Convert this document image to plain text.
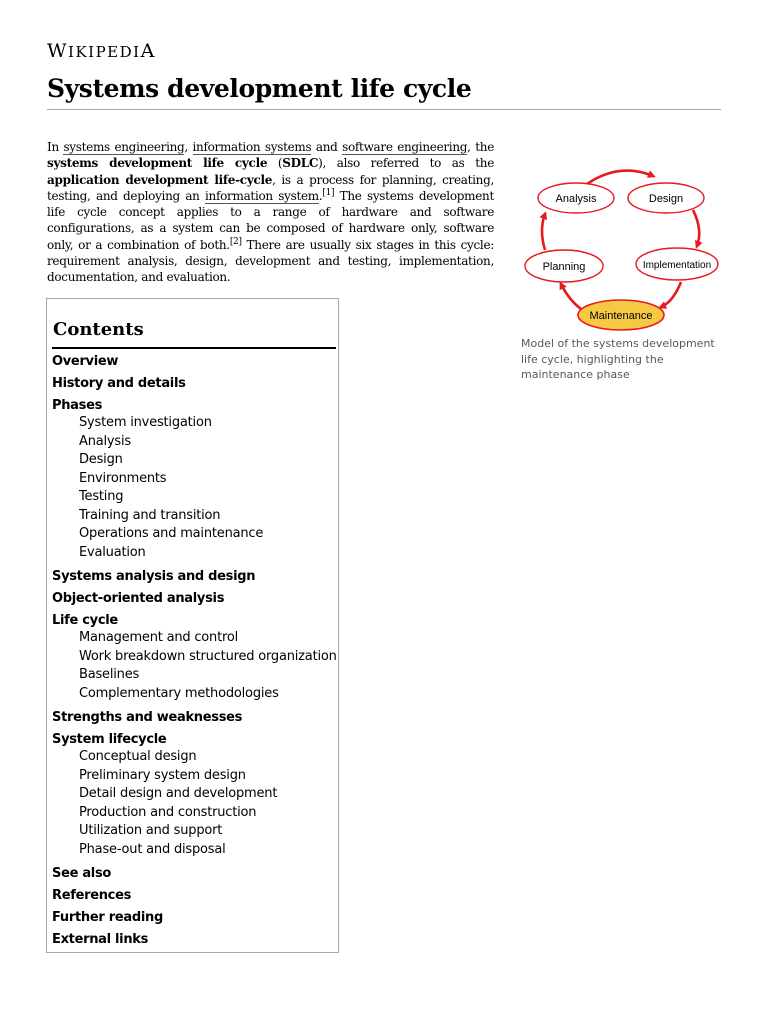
WIKIPEDIA
Systems development life cycle

In systems engineering, information systems and software engineering, the systems development life cycle (SDLC), also referred to as the application development life-cycle, is a process for planning, creating, testing, and deploying an information system.[1] The systems development life cycle concept applies to a range of hardware and software configurations, as a system can be composed of hardware only, software only, or a combination of both.[2] There are usually six stages in this cycle: requirement analysis, design, development and testing, implementation, documentation, and evaluation.

Analysis	Design
Implementation
Maintenance
Planning

Model of the systems development life cycle, highlighting the maintenance phase

Contents
Overview
History and details
Phases
System investigation
Analysis
Design
Environments
Testing
Training and transition
Operations and maintenance
Evaluation
Systems analysis and design
Object-oriented analysis
Life cycle
Management and control
Work breakdown structured organization
Baselines
Complementary methodologies
Strengths and weaknesses
System lifecycle
Conceptual design
Preliminary system design
Detail design and development
Production and construction
Utilization and support
Phase-out and disposal
See also
References
Further reading
External links
